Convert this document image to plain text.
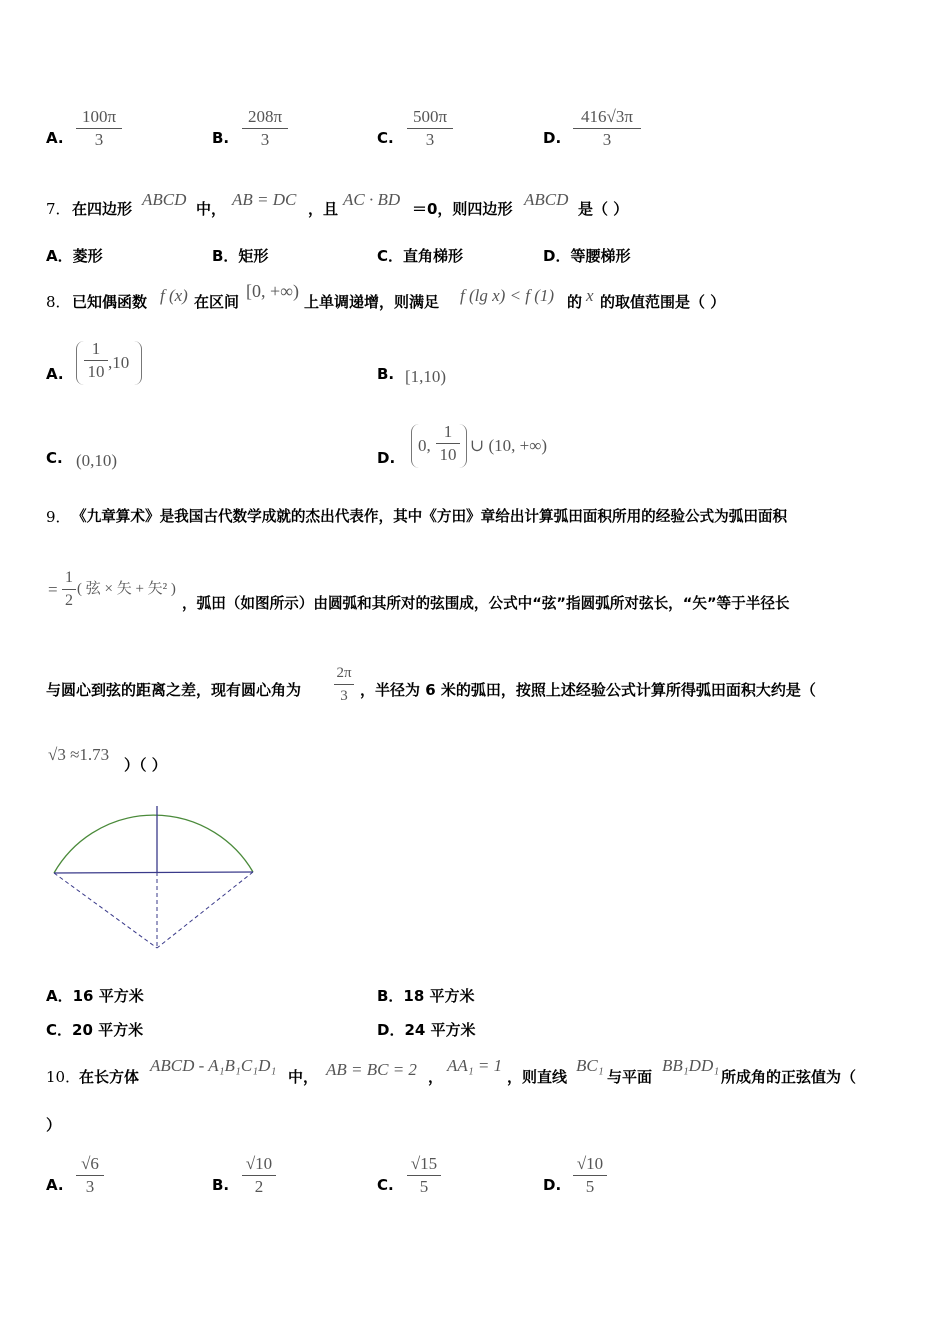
A.
100π
3	B.
208π
3	C.
500π
3	D.
416√3π
3
7． 在四边形 ABCD 中， AB = DC ，且 AC · BD ＝0，则四边形 ABCD 是（ ）
A．菱形	B．矩形	C．直角梯形	D．等腰梯形
8． 已知偶函数 f (x) 在区间
[0, +∞)
上单调递增，则满足 f (lg x) < f (1) 的 x 的取值范围是（ ）
A.
1
10 ,10
B. [1,10)
C. (0,10)	D.
0,
1
10 ∪ (10, +∞)
9． 《九章算术》是我国古代数学成就的杰出代表作，其中《方田》章给出计算弧田面积所用的经验公式为弧田面积
=
1
2
( 弦 × 矢 + 矢² )
，弧田（如图所示）由圆弧和其所对的弦围成，公式中“弦”指圆弧所对弦长，“矢”等于半径长
与圆心到弦的距离之差，现有圆心角为
2π
3 ，半径为 6 米的弧田，按照上述经验公式计算所得弧田面积大约是（
√3 ≈1.73
）（ ）
A．16 平方米	B．18 平方米
C．20 平方米	D．24 平方米
10．
在长方体
ABCD - A₁B₁C₁D₁
中， AB = BC = 2 ，
AA₁ = 1
，则直线
BC₁
与平面
BB₁DD₁
所成角的正弦值为（
）
A.
√6
3	B.
√10
2	C.
√15
5	D.
√10
5
